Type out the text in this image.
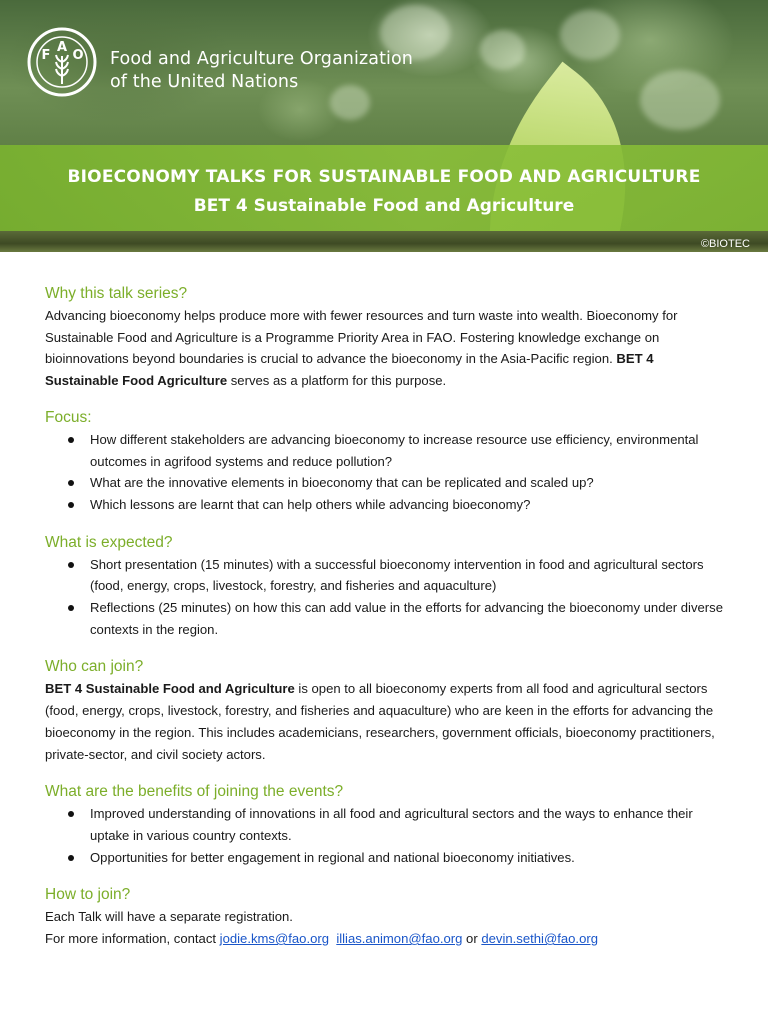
F
A
O Food and Agriculture Organization
of the United Nations
BIOECONOMY TALKS FOR SUSTAINABLE FOOD AND AGRICULTURE
BET 4 Sustainable Food and Agriculture
©BIOTEC
Why this talk series?

Advancing bioeconomy helps produce more with fewer resources and turn waste into wealth. Bioeconomy for Sustainable Food and Agriculture is a Programme Priority Area in FAO. Fostering knowledge exchange on bioinnovations beyond boundaries is crucial to advance the bioeconomy in the Asia-Pacific region. BET 4 Sustainable Food Agriculture serves as a platform for this purpose.

Focus:
How different stakeholders are advancing bioeconomy to increase resource use efficiency, environmental outcomes in agrifood systems and reduce pollution?
What are the innovative elements in bioeconomy that can be replicated and scaled up?
Which lessons are learnt that can help others while advancing bioeconomy?
What is expected?
Short presentation (15 minutes) with a successful bioeconomy intervention in food and agricultural sectors (food, energy, crops, livestock, forestry, and fisheries and aquaculture)
Reflections (25 minutes) on how this can add value in the efforts for advancing the bioeconomy under diverse contexts in the region.
Who can join?

BET 4 Sustainable Food and Agriculture is open to all bioeconomy experts from all food and agricultural sectors (food, energy, crops, livestock, forestry, and fisheries and aquaculture) who are keen in the efforts for advancing the bioeconomy in the region. This includes academicians, researchers, government officials, bioeconomy practitioners, private-sector, and civil society actors.

What are the benefits of joining the events?
Improved understanding of innovations in all food and agricultural sectors and the ways to enhance their uptake in various country contexts.
Opportunities for better engagement in regional and national bioeconomy initiatives.
How to join?

Each Talk will have a separate registration.

For more information, contact jodie.kms@fao.org illias.animon@fao.org or devin.sethi@fao.org
